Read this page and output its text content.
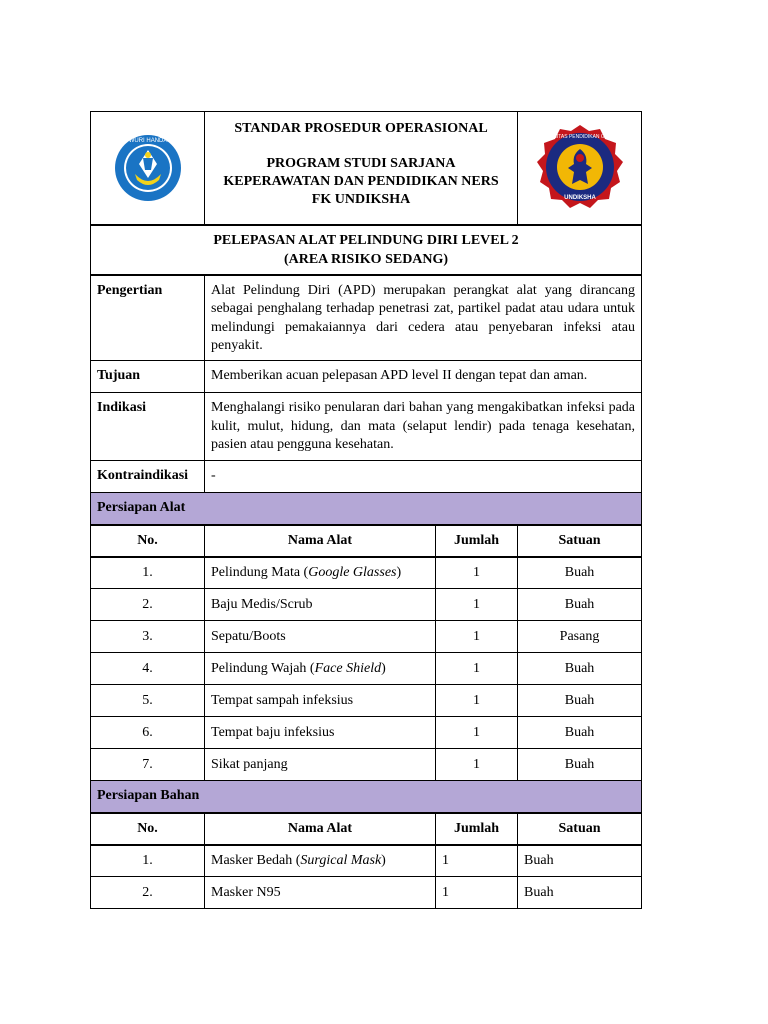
TUT WURI HANDAYANI	STANDAR PROSEDUR OPERASIONAL
PROGRAM STUDI SARJANA
KEPERAWATAN DAN PENDIDIKAN NERS
FK UNDIKSHA		UNIVERSITAS PENDIDIKAN GANESHA
UNDIKSHA

PELEPASAN ALAT PELINDUNG DIRI LEVEL 2
(AREA RISIKO SEDANG)			
Pengertian	Alat Pelindung Diri (APD) merupakan perangkat alat yang dirancang sebagai penghalang terhadap penetrasi zat, partikel padat atau udara untuk melindungi pemakaiannya dari cedera atau penyebaran infeksi atau penyakit.		
Tujuan	Memberikan acuan pelepasan APD level II dengan tepat dan aman.		
Indikasi	Menghalangi risiko penularan dari bahan yang mengakibatkan infeksi pada kulit, mulut, hidung, dan mata (selaput lendir) pada tenaga kesehatan, pasien atau pengguna kesehatan.		
Kontraindikasi	-		
Persiapan Alat			
No.	Nama Alat	Jumlah	Satuan
1.	Pelindung Mata (Google Glasses)	1	Buah
2.	Baju Medis/Scrub	1	Buah
3.	Sepatu/Boots	1	Pasang
4.	Pelindung Wajah (Face Shield)	1	Buah
5.	Tempat sampah infeksius	1	Buah
6.	Tempat baju infeksius	1	Buah
7.	Sikat panjang	1	Buah
Persiapan Bahan			
No.	Nama Alat	Jumlah	Satuan
1.	Masker Bedah (Surgical Mask)	1	Buah
2.	Masker N95	1	Buah
